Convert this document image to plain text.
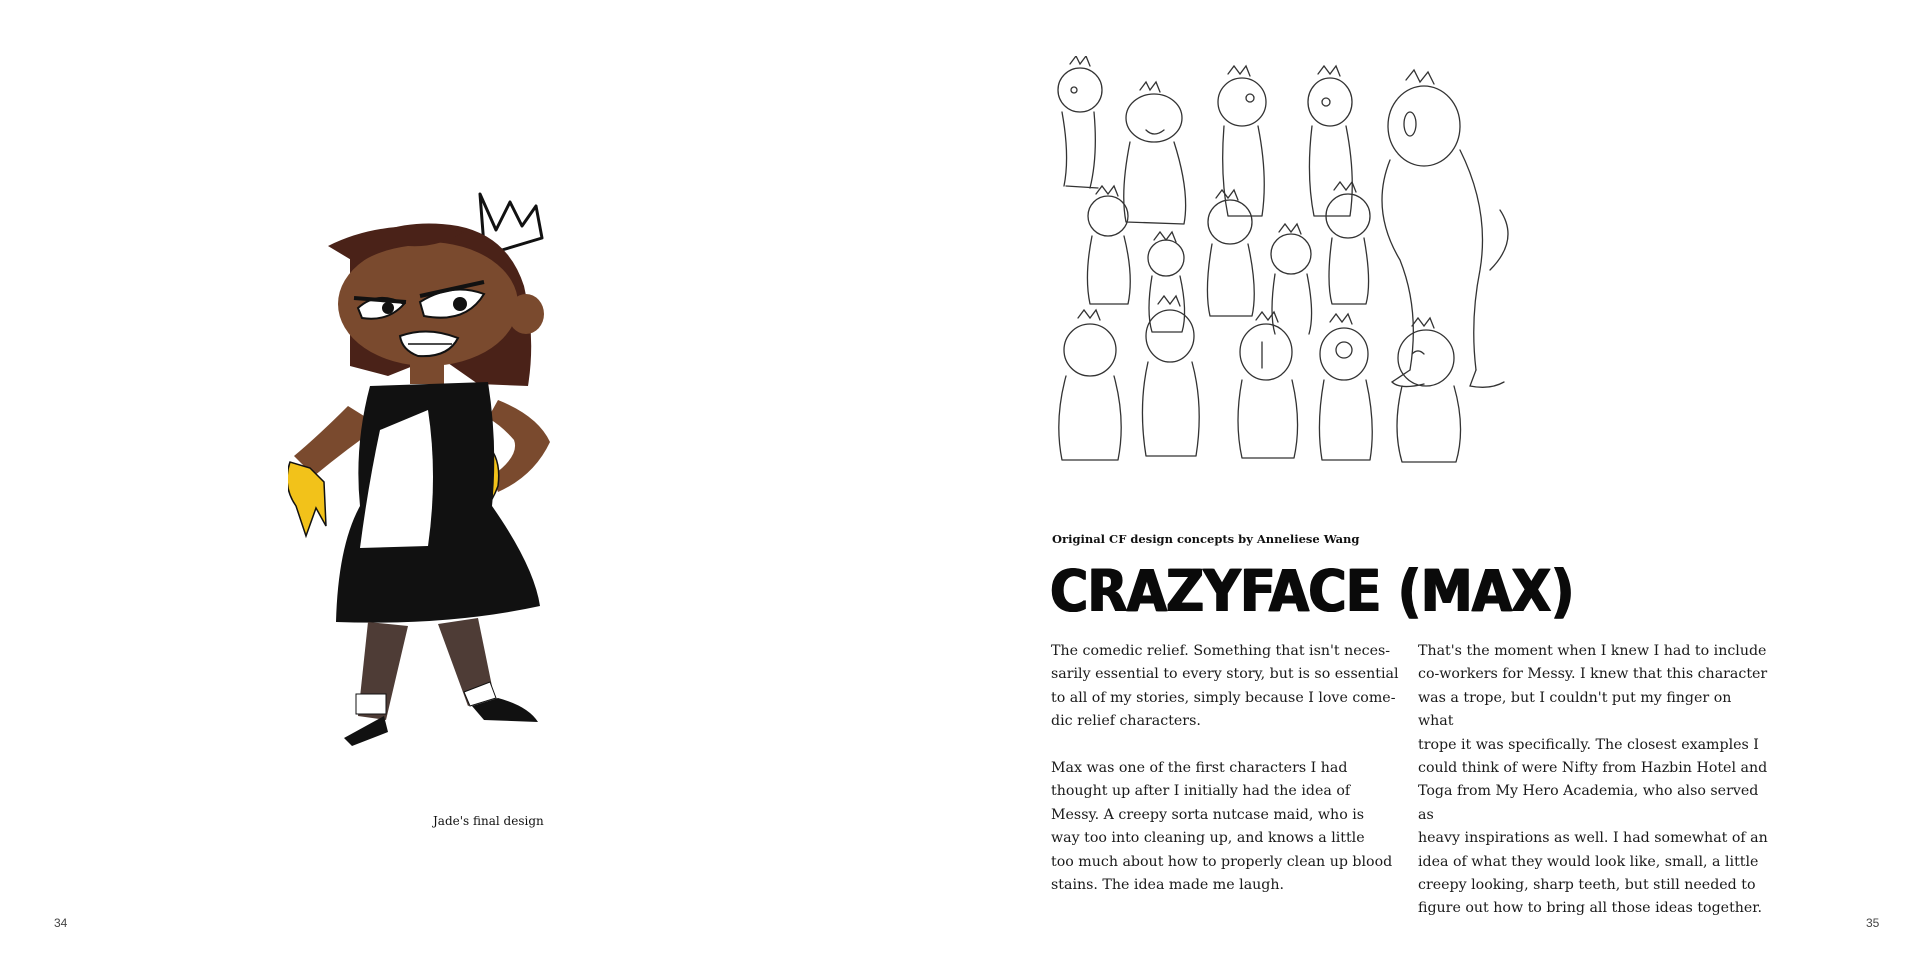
Jade's final design
34
Original CF design concepts by Anneliese Wang
CRAZYFACE (MAX)

The comedic relief. Something that isn't neces-
sarily essential to every story, but is so essential
to all of my stories, simply because I love come-
dic relief characters.

Max was one of the first characters I had
thought up after I initially had the idea of
Messy. A creepy sorta nutcase maid, who is
way too into cleaning up, and knows a little
too much about how to properly clean up blood
stains. The idea made me laugh.

That's the moment when I knew I had to include
co-workers for Messy. I knew that this character
was a trope, but I couldn't put my finger on what
trope it was specifically. The closest examples I
could think of were Nifty from Hazbin Hotel and
Toga from My Hero Academia, who also served as
heavy inspirations as well. I had somewhat of an
idea of what they would look like, small, a little
creepy looking, sharp teeth, but still needed to
figure out how to bring all those ideas together.

35
